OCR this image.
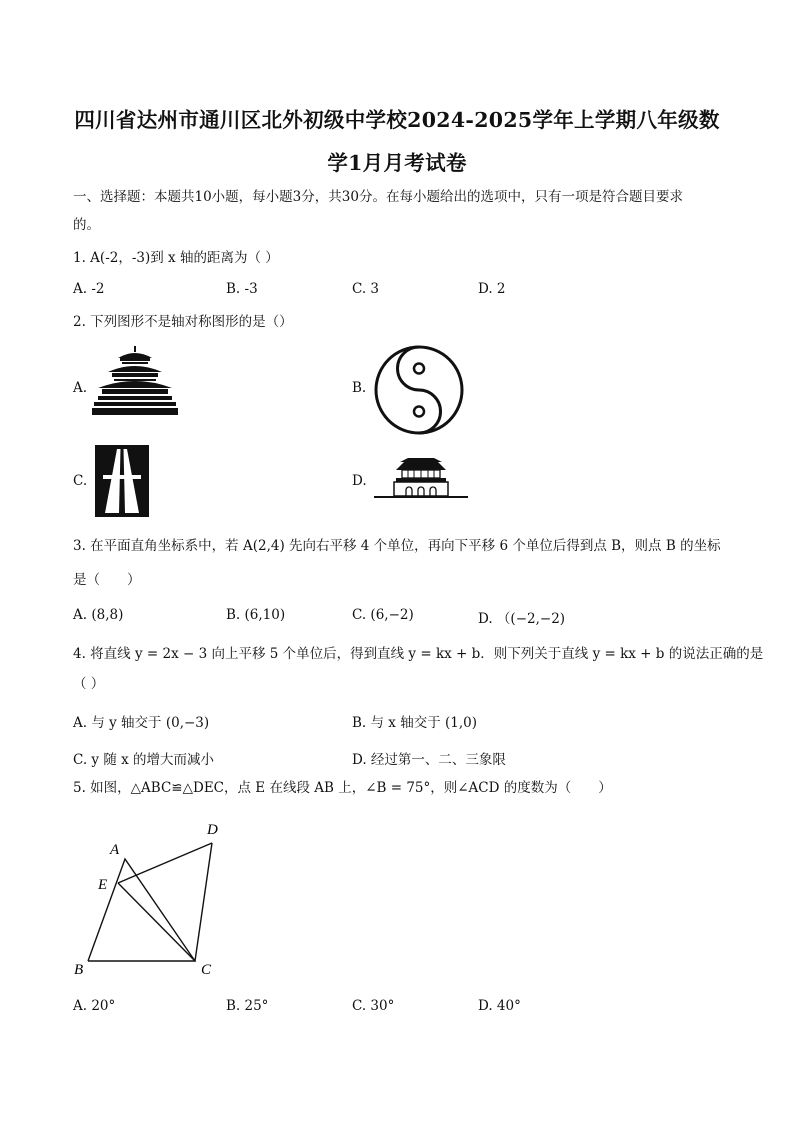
四川省达州市通川区北外初级中学校2024-2025学年上学期八年级数
学1月月考试卷
一、选择题：本题共10小题，每小题3分，共30分。在每小题给出的选项中，只有一项是符合题目要求
的。
1. A(-2，-3)到 x 轴的距离为（ ）
A. -2	B. -3	C. 3	D. 2
2. 下列图形不是轴对称图形的是（）
A.	B.
C.	D.
3. 在平面直角坐标系中，若 A(2,4) 先向右平移 4 个单位，再向下平移 6 个单位后得到点 B，则点 B 的坐标
是（　　）
A. (8,8)	B. (6,10)	C. (6,−2)	D. （(−2,−2)
4. 将直线 y = 2x − 3 向上平移 5 个单位后，得到直线 y = kx + b．则下列关于直线 y = kx + b 的说法正确的是
（ ）
A. 与 y 轴交于 (0,−3)	B. 与 x 轴交于 (1,0)
C. y 随 x 的增大而减小	D. 经过第一、二、三象限
5. 如图，△ABC≌△DEC，点 E 在线段 AB 上，∠B = 75°，则∠ACD 的度数为（　　）
A
D
E
B	C
A. 20°	B. 25°	C. 30°	D. 40°
